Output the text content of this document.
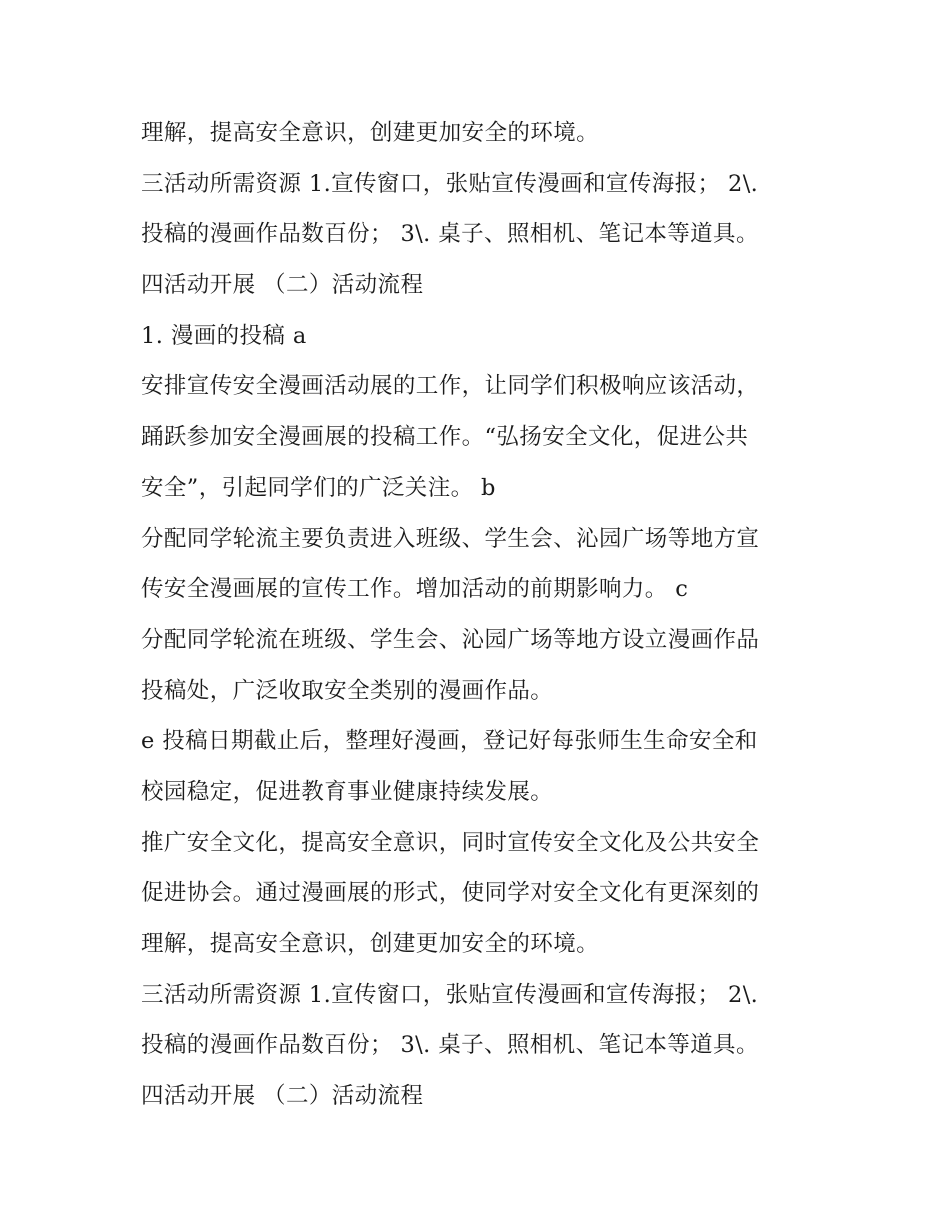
理解，提高安全意识，创建更加安全的环境。
三活动所需资源 1.宣传窗口，张贴宣传漫画和宣传海报； 2\.
投稿的漫画作品数百份； 3\. 桌子、照相机、笔记本等道具。
四活动开展 （二）活动流程
1. 漫画的投稿 a
安排宣传安全漫画活动展的工作，让同学们积极响应该活动，
踊跃参加安全漫画展的投稿工作。“弘扬安全文化，促进公共
安全”，引起同学们的广泛关注。 b
分配同学轮流主要负责进入班级、学生会、沁园广场等地方宣
传安全漫画展的宣传工作。增加活动的前期影响力。 c
分配同学轮流在班级、学生会、沁园广场等地方设立漫画作品
投稿处，广泛收取安全类别的漫画作品。
e 投稿日期截止后，整理好漫画，登记好每张师生生命安全和
校园稳定，促进教育事业健康持续发展。
推广安全文化，提高安全意识，同时宣传安全文化及公共安全
促进协会。通过漫画展的形式，使同学对安全文化有更深刻的
理解，提高安全意识，创建更加安全的环境。
三活动所需资源 1.宣传窗口，张贴宣传漫画和宣传海报； 2\.
投稿的漫画作品数百份； 3\. 桌子、照相机、笔记本等道具。
四活动开展 （二）活动流程
